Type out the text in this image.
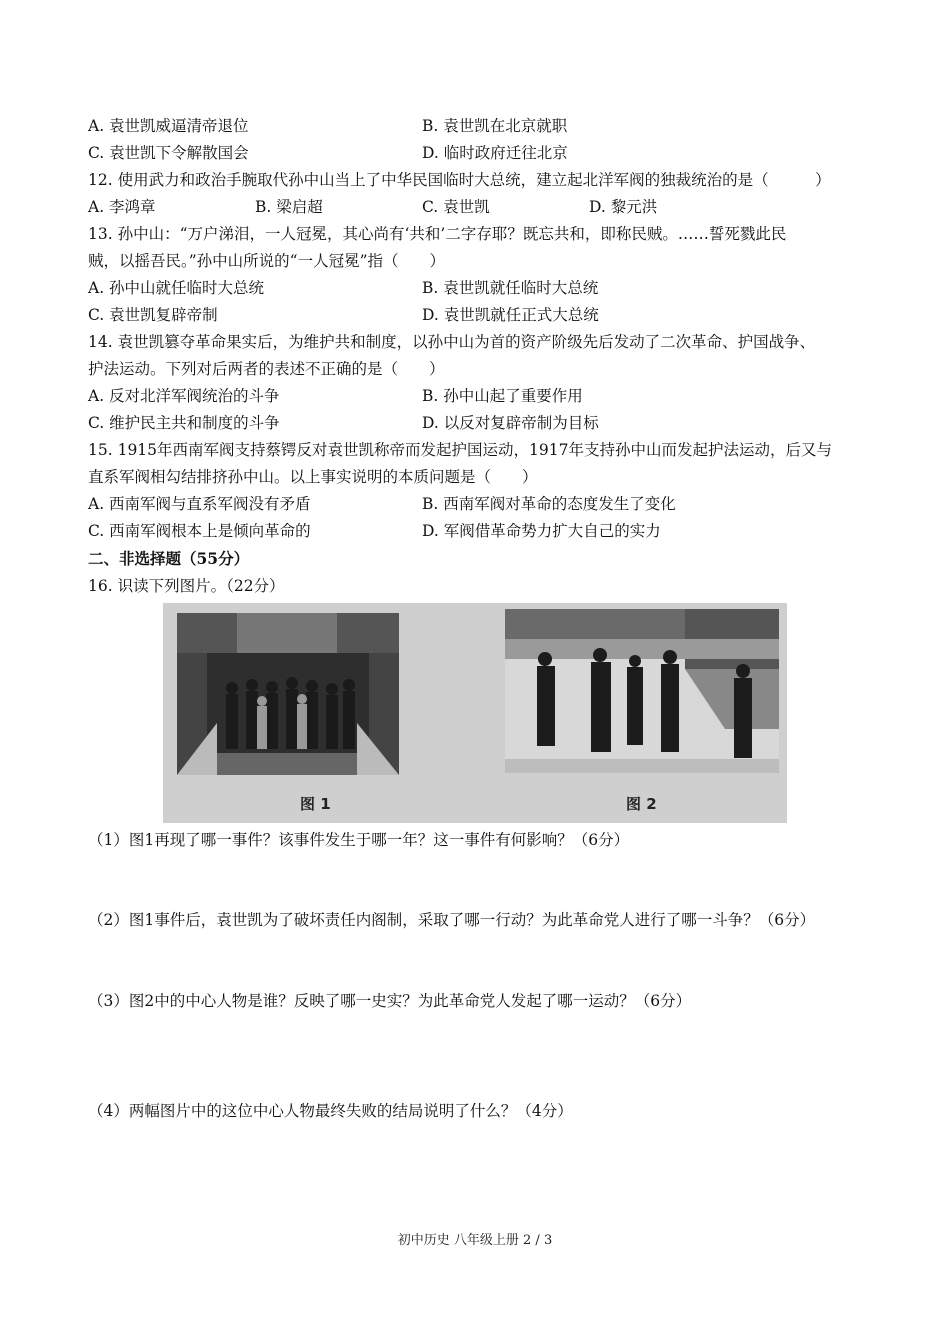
A. 袁世凯威逼清帝退位	B. 袁世凯在北京就职
C. 袁世凯下令解散国会	D. 临时政府迁往北京
12. 使用武力和政治手腕取代孙中山当上了中华民国临时大总统，建立起北洋军阀的独裁统治的是（　　　）
A. 李鸿章	B. 梁启超	C. 袁世凯	D. 黎元洪
13. 孙中山：“万户涕泪，一人冠冕，其心尚有‘共和’二字存耶？既忘共和，即称民贼。……誓死戮此民
贼，以摇吾民。”孙中山所说的“一人冠冕”指（　　）
A. 孙中山就任临时大总统	B. 袁世凯就任临时大总统
C. 袁世凯复辟帝制	D. 袁世凯就任正式大总统
14. 袁世凯篡夺革命果实后，为维护共和制度，以孙中山为首的资产阶级先后发动了二次革命、护国战争、
护法运动。下列对后两者的表述不正确的是（　　）
A. 反对北洋军阀统治的斗争	B. 孙中山起了重要作用
C. 维护民主共和制度的斗争	D. 以反对复辟帝制为目标
15. 1915年西南军阀支持蔡锷反对袁世凯称帝而发起护国运动，1917年支持孙中山而发起护法运动，后又与
直系军阀相勾结排挤孙中山。以上事实说明的本质问题是（　　）
A. 西南军阀与直系军阀没有矛盾	B. 西南军阀对革命的态度发生了变化
C. 西南军阀根本上是倾向革命的	D. 军阀借革命势力扩大自己的实力
二、非选择题（55分）
16. 识读下列图片。（22分）
图 1	图 2
（1）图1再现了哪一事件？该事件发生于哪一年？这一事件有何影响？（6分）
（2）图1事件后，袁世凯为了破坏责任内阁制，采取了哪一行动？为此革命党人进行了哪一斗争？（6分）
（3）图2中的中心人物是谁？反映了哪一史实？为此革命党人发起了哪一运动？（6分）
（4）两幅图片中的这位中心人物最终失败的结局说明了什么？（4分）
初中历史 八年级上册 2 / 3
